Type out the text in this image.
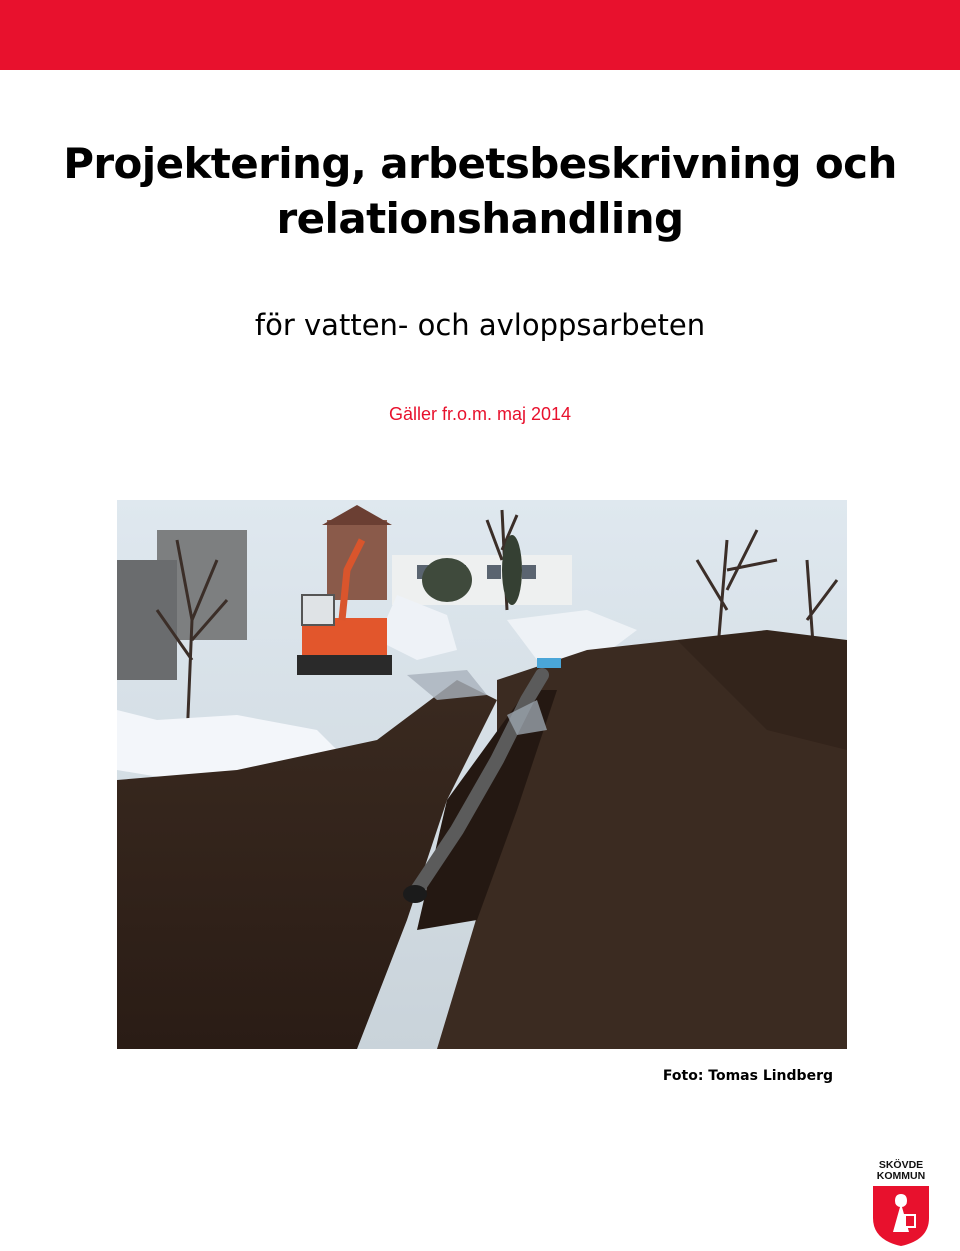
Projektering, arbetsbeskrivning och
relationshandling
för vatten- och avloppsarbeten
Gäller fr.o.m. maj 2014
Foto: Tomas Lindberg
SKÖVDE
KOMMUN
